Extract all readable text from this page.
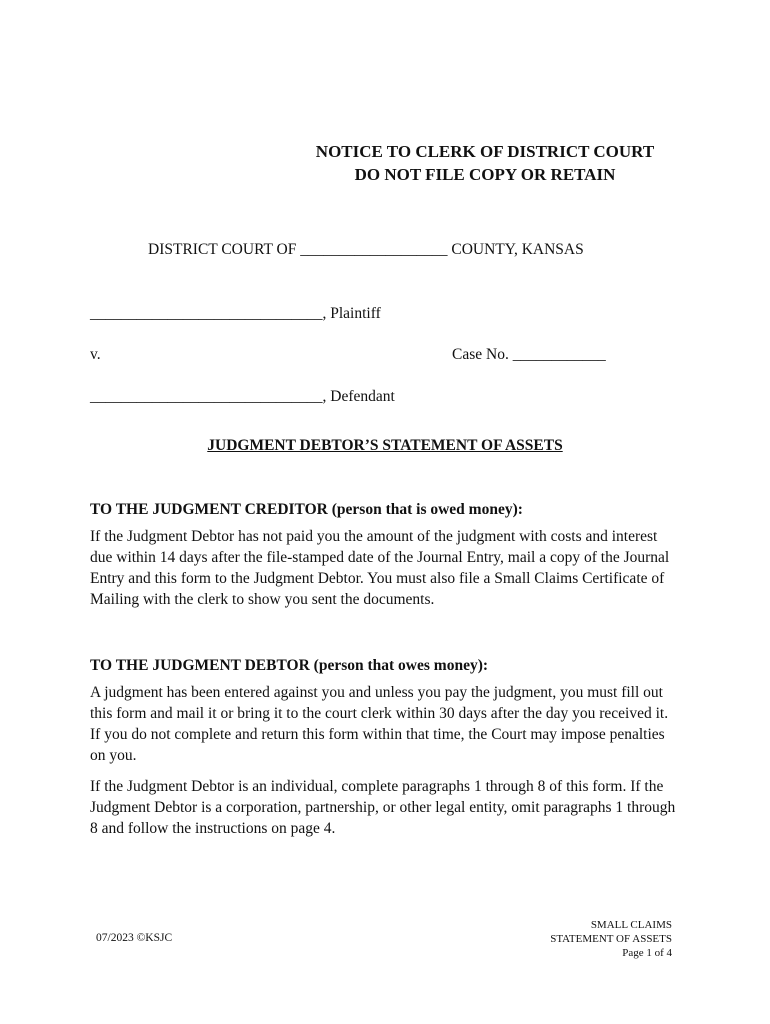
NOTICE TO CLERK OF DISTRICT COURT
DO NOT FILE COPY OR RETAIN
DISTRICT COURT OF ___________________ COUNTY, KANSAS
______________________________, Plaintiff
v.	Case No. ____________
______________________________, Defendant
JUDGMENT DEBTOR’S STATEMENT OF ASSETS
TO THE JUDGMENT CREDITOR (person that is owed money):

If the Judgment Debtor has not paid you the amount of the judgment with costs and interest due within 14 days after the file-stamped date of the Journal Entry, mail a copy of the Journal Entry and this form to the Judgment Debtor. You must also file a Small Claims Certificate of Mailing with the clerk to show you sent the documents.

TO THE JUDGMENT DEBTOR (person that owes money):

A judgment has been entered against you and unless you pay the judgment, you must fill out this form and mail it or bring it to the court clerk within 30 days after the day you received it. If you do not complete and return this form within that time, the Court may impose penalties on you.

If the Judgment Debtor is an individual, complete paragraphs 1 through 8 of this form. If the Judgment Debtor is a corporation, partnership, or other legal entity, omit paragraphs 1 through 8 and follow the instructions on page 4.

07/2023 ©KSJC
SMALL CLAIMS
STATEMENT OF ASSETS
Page 1 of 4
